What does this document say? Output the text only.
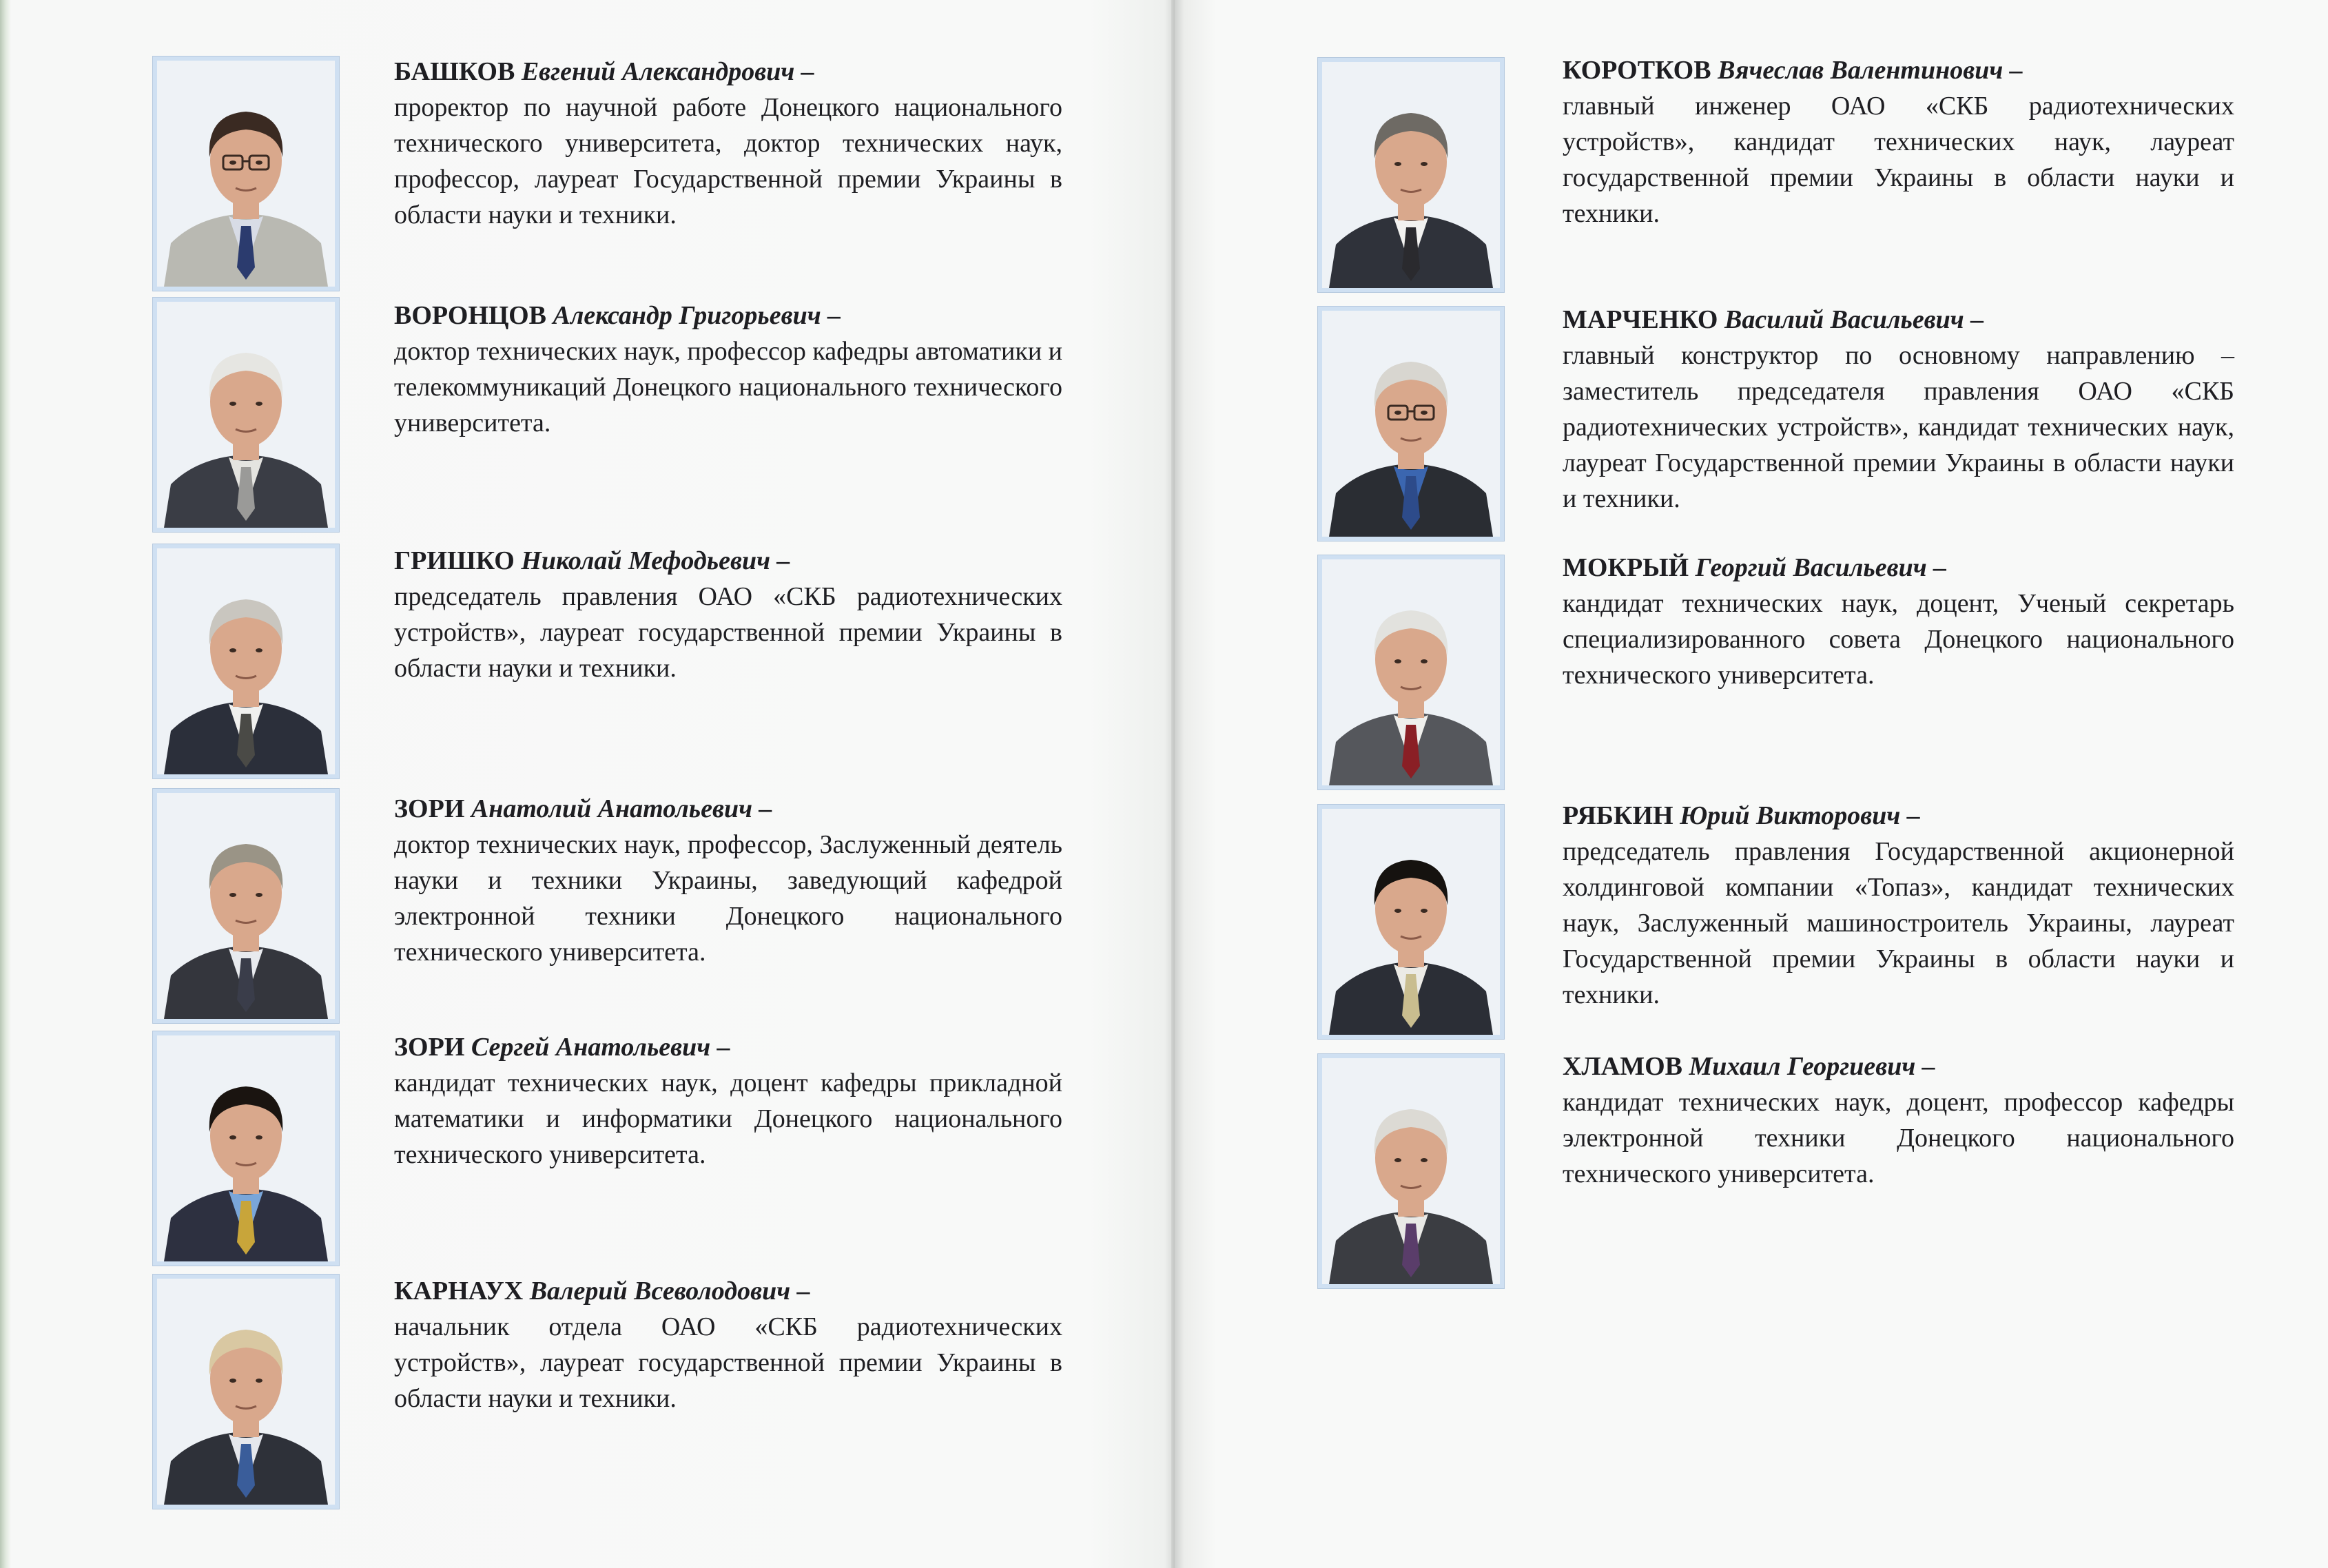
БАШКОВ Евгений Александрович –
проректор по научной работе Донецкого национального технического университета, доктор технических наук, профессор, лауреат Государственной премии Украины в области науки и техники.
ВОРОНЦОВ Александр Григорьевич –
доктор технических наук, профессор кафедры автоматики и телекоммуникаций Донецкого национального технического университета.
ГРИШКО Николай Мефодьевич –
председатель правления ОАО «СКБ радиотехнических устройств», лауреат государственной премии Украины в области науки и техники.
ЗОРИ Анатолий Анатольевич –
доктор технических наук, профессор, Заслуженный деятель науки и техники Украины, заведующий кафедрой электронной техники Донецкого национального технического университета.
ЗОРИ Сергей Анатольевич –
кандидат технических наук, доцент кафедры прикладной математики и информатики Донецкого национального технического университета.
КАРНАУХ Валерий Всеволодович –
начальник отдела ОАО «СКБ радиотехнических устройств», лауреат государственной премии Украины в области науки и техники.
КОРОТКОВ Вячеслав Валентинович –
главный инженер ОАО «СКБ радиотехнических устройств», кандидат технических наук, лауреат государственной премии Украины в области науки и техники.
МАРЧЕНКО Василий Васильевич –
главный конструктор по основному направлению – заместитель председателя правления ОАО «СКБ радиотехнических устройств», кандидат технических наук, лауреат Государственной премии Украины в области науки и техники.
МОКРЫЙ Георгий Васильевич –
кандидат технических наук, доцент, Ученый секретарь специализированного совета Донецкого национального технического университета.
РЯБКИН Юрий Викторович –
председатель правления Государственной акционерной холдинговой компании «Топаз», кандидат технических наук, Заслуженный машиностроитель Украины, лауреат Государственной премии Украины в области науки и техники.
ХЛАМОВ Михаил Георгиевич –
кандидат технических наук, доцент, профессор кафедры электронной техники Донецкого национального технического университета.
